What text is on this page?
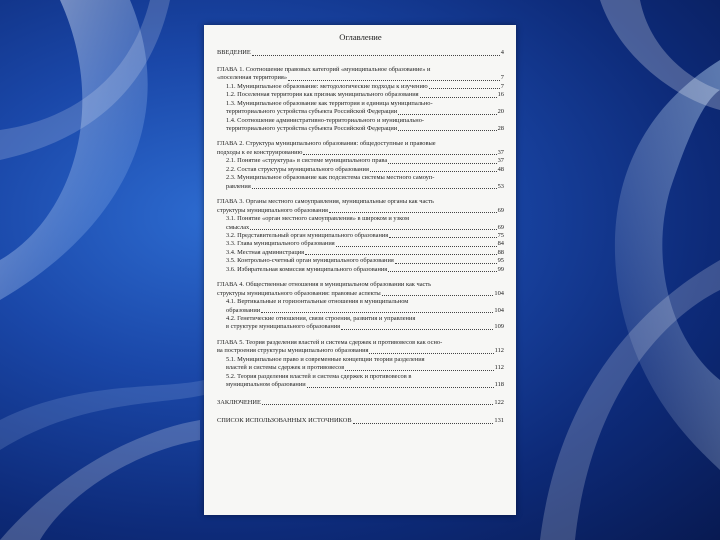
Оглавление
ВВЕДЕНИЕ	4
ГЛАВА 1. Соотношение правовых категорий «муниципальное образование» и
«поселенная территория»	7
1.1. Муниципальное образование: методологические подходы к изучению	7
1.2. Поселенная территория как признак муниципального образования	16
1.3. Муниципальное образование как территория и единица муниципально-
территориального устройства субъекта Российской Федерации	20
1.4. Соотношение административно-территориального и муниципально-
территориального устройства субъекта Российской Федерации	28
ГЛАВА 2. Структура муниципального образования: общедоступные и правовые
подходы к ее конструированию	37
2.1. Понятие «структура» в системе муниципального права	37
2.2. Состав структуры муниципального образования	48
2.3. Муниципальное образование как подсистема системы местного самоуп-
равления	53
ГЛАВА 3. Органы местного самоуправления, муниципальные органы как часть
структуры муниципального образования	69
3.1. Понятие «орган местного самоуправления» в широком и узком
смыслах	69
3.2. Представительный орган муниципального образования	75
3.3. Глава муниципального образования	84
3.4. Местная администрация	88
3.5. Контрольно-счетный орган муниципального образования	95
3.6. Избирательная комиссия муниципального образования	99
ГЛАВА 4. Общественные отношения в муниципальном образовании как часть
структуры муниципального образования: правовые аспекты	104
4.1. Вертикальные и горизонтальные отношения в муниципальном
образовании	104
4.2. Генетические отношения, связи строения, развития и управления
в структуре муниципального образования	109
ГЛАВА 5. Теория разделения властей и система сдержек и противовесов как осно-
ва построения структуры муниципального образования	112
5.1. Муниципальное право и современные концепции теории разделения
властей и системы сдержек и противовесов	112
5.2. Теория разделения властей и система сдержек и противовесов в
муниципальном образовании	118
ЗАКЛЮЧЕНИЕ	122
СПИСОК ИСПОЛЬЗОВАННЫХ ИСТОЧНИКОВ	131
